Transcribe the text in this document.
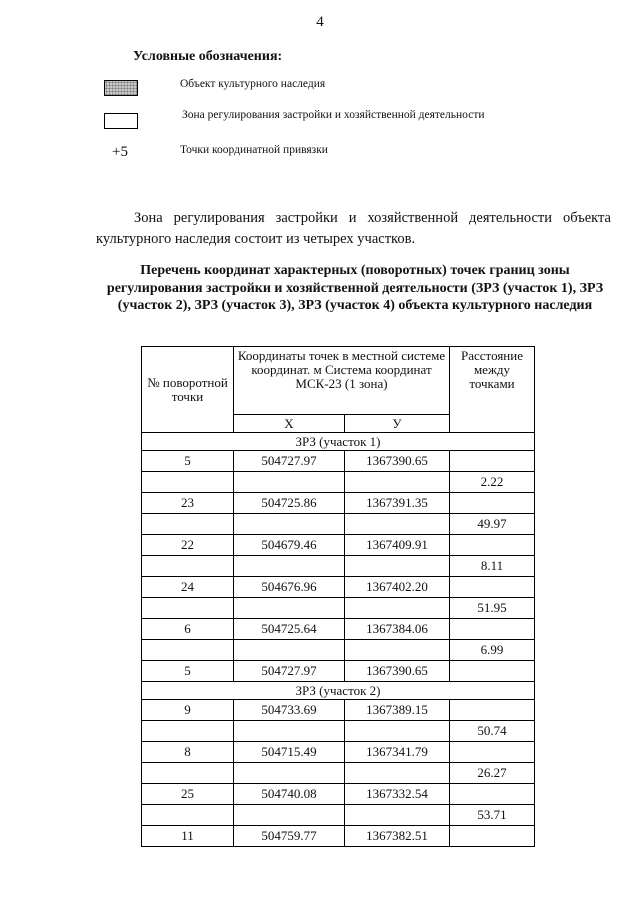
4
Условные обозначения:
Объект культурного наследия
Зона регулирования застройки и хозяйственной деятельности
+5	Точки координатной привязки

Зона регулирования застройки и хозяйственной деятельности объекта культурного наследия состоит из четырех участков.

Перечень координат характерных (поворотных) точек границ зоны регулирования застройки и хозяйственной деятельности (ЗРЗ (участок 1), ЗРЗ (участок 2), ЗРЗ (участок 3), ЗРЗ (участок 4) объекта культурного наследия

№ поворотной точки	Координаты точек в местной системе координат. м Система координат МСК-23 (1 зона)		Расстояние между точками
	Х	У	
ЗРЗ (участок 1)			
5	504727.97	1367390.65	
			2.22
23	504725.86	1367391.35	
			49.97
22	504679.46	1367409.91	
			8.11
24	504676.96	1367402.20	
			51.95
6	504725.64	1367384.06	
			6.99
5	504727.97	1367390.65	
ЗРЗ (участок 2)			
9	504733.69	1367389.15	
			50.74
8	504715.49	1367341.79	
			26.27
25	504740.08	1367332.54	
			53.71
11	504759.77	1367382.51	
